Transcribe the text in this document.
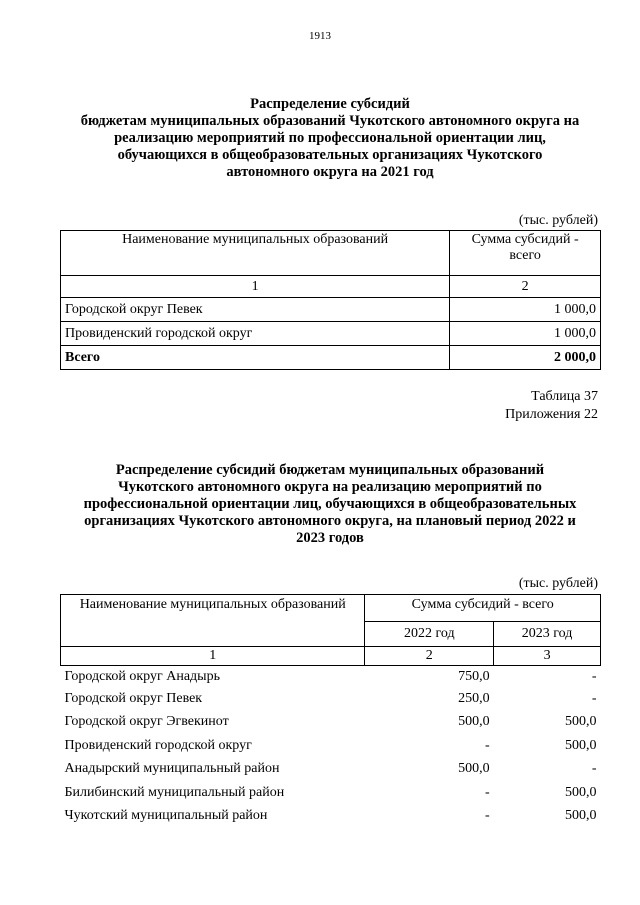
1913
Распределение субсидий
бюджетам муниципальных образований Чукотского автономного округа на
реализацию мероприятий по профессиональной ориентации лиц,
обучающихся в общеобразовательных организациях Чукотского
автономного округа на 2021 год
(тыс. рублей)
Наименование муниципальных образований	Сумма субсидий -
всего

1	2
Городской округ Певек	1 000,0
Провиденский городской округ	1 000,0
Всего	2 000,0
Таблица 37
Приложения 22
Распределение субсидий бюджетам муниципальных образований
Чукотского автономного округа на реализацию мероприятий по
профессиональной ориентации лиц, обучающихся в общеобразовательных
организациях Чукотского автономного округа, на плановый период 2022 и
2023 годов
(тыс. рублей)
Наименование муниципальных образований	Сумма субсидий - всего	
	2022 год	2023 год
1	2	3
Городской округ Анадырь	750,0	-
Городской округ Певек	250,0	-
Городской округ Эгвекинот	500,0	500,0
Провиденский городской округ	-	500,0
Анадырский муниципальный район	500,0	-
Билибинский муниципальный район	-	500,0
Чукотский муниципальный район	-	500,0
